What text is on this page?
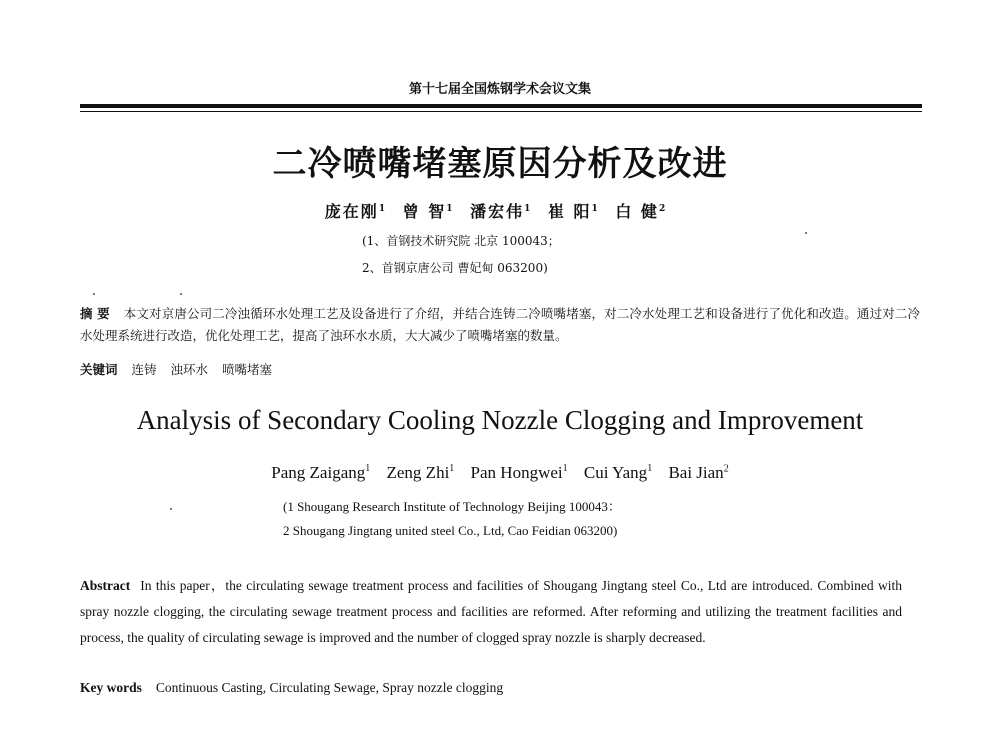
第十七届全国炼钢学术会议文集
二冷喷嘴堵塞原因分析及改进
庞在刚$^1$ 曾 智$^1$ 潘宏伟$^1$ 崔 阳$^1$ 白 健$^2$
(1、首钢技术研究院 北京 100043；
2、首钢京唐公司 曹妃甸 063200)
摘 要 本文对京唐公司二冷浊循环水处理工艺及设备进行了介绍，并结合连铸二冷喷嘴堵塞，对二冷水处理工艺和设备进行了优化和改造。通过对二冷水处理系统进行改造，优化处理工艺，提高了浊环水水质，大大减少了喷嘴堵塞的数量。
关键词 连铸 浊环水 喷嘴堵塞
Analysis of Secondary Cooling Nozzle Clogging and Improvement
Pang Zaigang$^1$ Zeng Zhi$^1$ Pan Hongwei$^1$ Cui Yang$^1$ Bai Jian$^2$
(1 Shougang Research Institute of Technology Beijing 100043：
2 Shougang Jingtang united steel Co., Ltd, Cao Feidian 063200)
Abstract In this paper，the circulating sewage treatment process and facilities of Shougang Jingtang steel Co., Ltd are introduced. Combined with spray nozzle clogging, the circulating sewage treatment process and facilities are reformed. After reforming and utilizing the treatment facilities and process, the quality of circulating sewage is improved and the number of clogged spray nozzle is sharply decreased.
Key words Continuous Casting, Circulating Sewage, Spray nozzle clogging
